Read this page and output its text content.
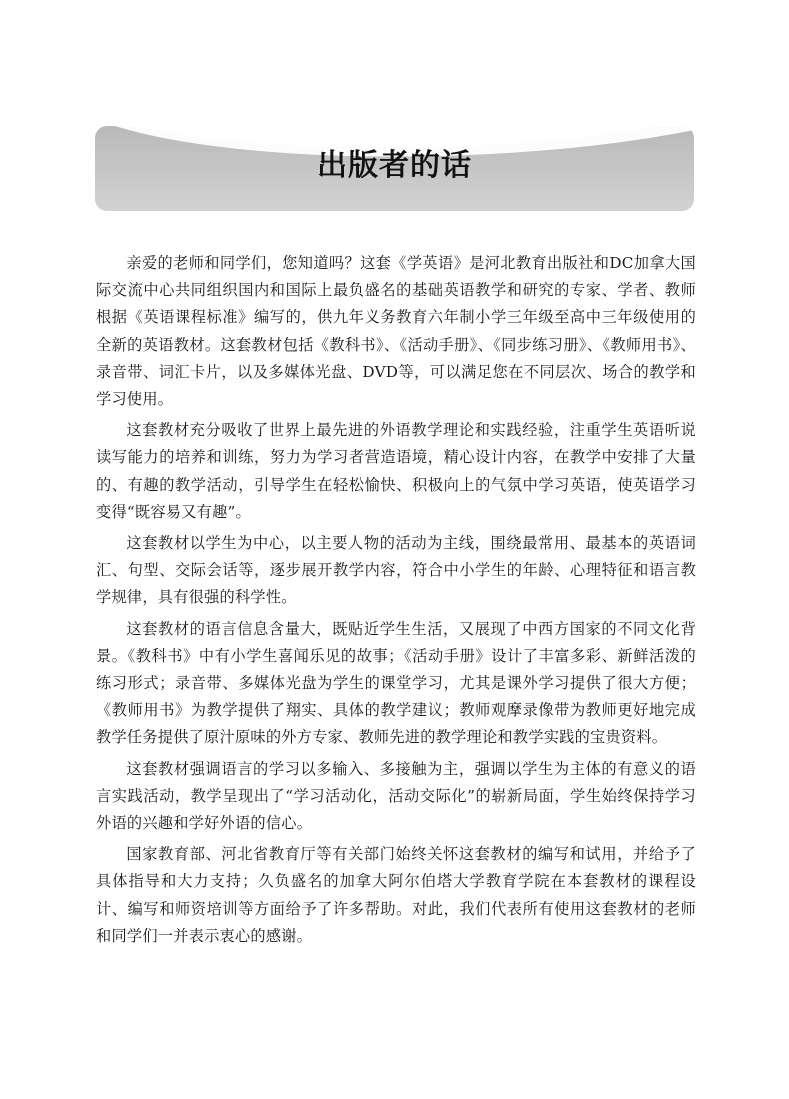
出版者的话

亲爱的老师和同学们，您知道吗？这套《学英语》是河北教育出版社和DC加拿大国际交流中心共同组织国内和国际上最负盛名的基础英语教学和研究的专家、学者、教师根据《英语课程标准》编写的，供九年义务教育六年制小学三年级至高中三年级使用的全新的英语教材。这套教材包括《教科书》、《活动手册》、《同步练习册》、《教师用书》、录音带、词汇卡片，以及多媒体光盘、DVD等，可以满足您在不同层次、场合的教学和学习使用。

这套教材充分吸收了世界上最先进的外语教学理论和实践经验，注重学生英语听说读写能力的培养和训练，努力为学习者营造语境，精心设计内容，在教学中安排了大量的、有趣的教学活动，引导学生在轻松愉快、积极向上的气氛中学习英语，使英语学习变得“既容易又有趣”。

这套教材以学生为中心，以主要人物的活动为主线，围绕最常用、最基本的英语词汇、句型、交际会话等，逐步展开教学内容，符合中小学生的年龄、心理特征和语言教学规律，具有很强的科学性。

这套教材的语言信息含量大，既贴近学生生活，又展现了中西方国家的不同文化背景。《教科书》中有小学生喜闻乐见的故事；《活动手册》设计了丰富多彩、新鲜活泼的练习形式；录音带、多媒体光盘为学生的课堂学习，尤其是课外学习提供了很大方便；《教师用书》为教学提供了翔实、具体的教学建议；教师观摩录像带为教师更好地完成教学任务提供了原汁原味的外方专家、教师先进的教学理论和教学实践的宝贵资料。

这套教材强调语言的学习以多输入、多接触为主，强调以学生为主体的有意义的语言实践活动，教学呈现出了“学习活动化，活动交际化”的崭新局面，学生始终保持学习外语的兴趣和学好外语的信心。

国家教育部、河北省教育厅等有关部门始终关怀这套教材的编写和试用，并给予了具体指导和大力支持；久负盛名的加拿大阿尔伯塔大学教育学院在本套教材的课程设计、编写和师资培训等方面给予了许多帮助。对此，我们代表所有使用这套教材的老师和同学们一并表示衷心的感谢。
